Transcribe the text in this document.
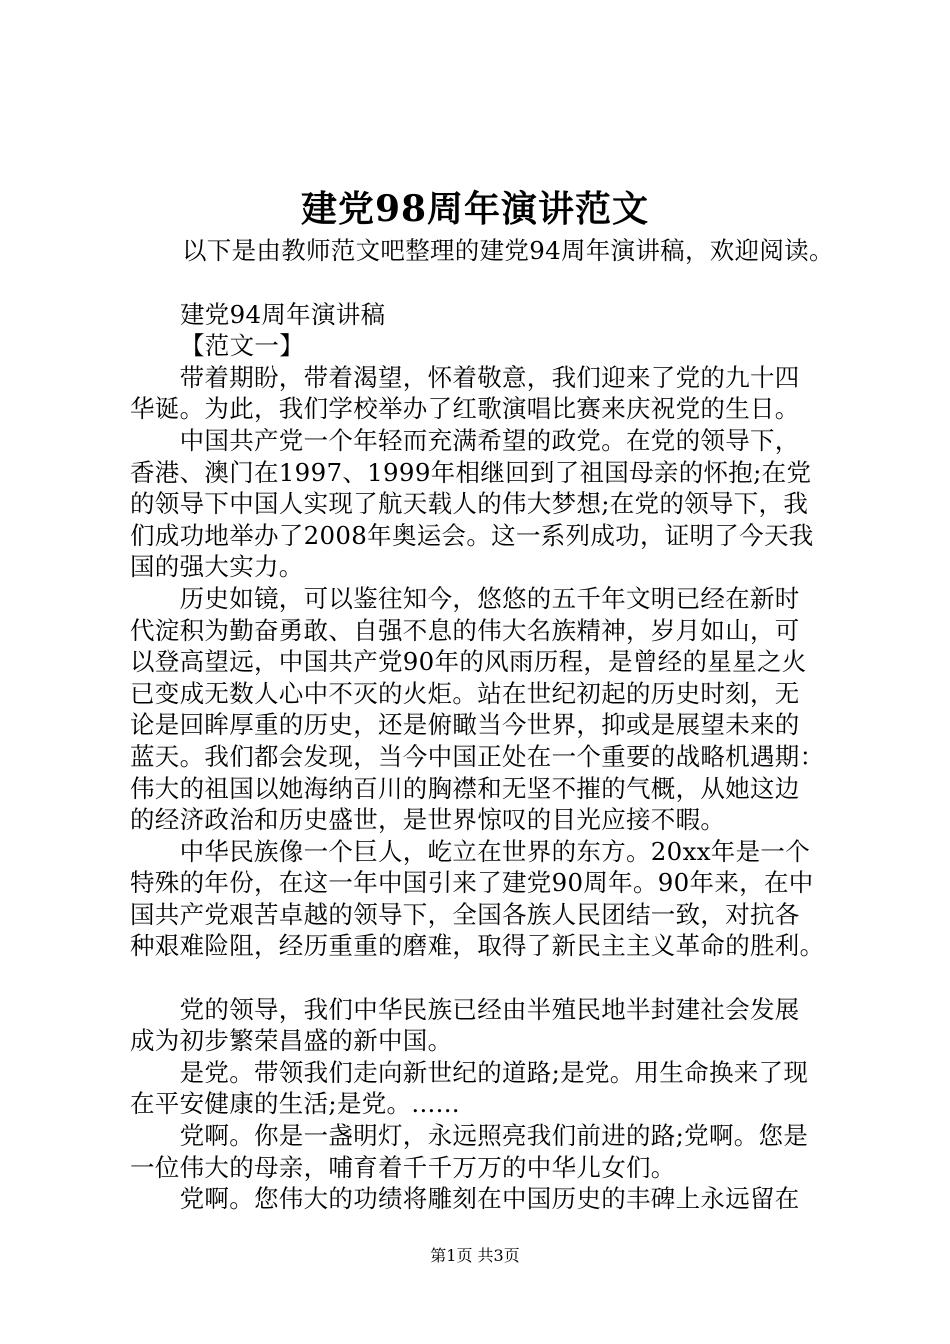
建党98周年演讲范文
以下是由教师范文吧整理的建党94周年演讲稿，欢迎阅读。
建党94周年演讲稿
【范文一】
　　带着期盼，带着渴望，怀着敬意，我们迎来了党的九十四
华诞。为此，我们学校举办了红歌演唱比赛来庆祝党的生日。
　　中国共产党一个年轻而充满希望的政党。在党的领导下，
香港、澳门在1997、1999年相继回到了祖国母亲的怀抱;在党
的领导下中国人实现了航天载人的伟大梦想;在党的领导下，我
们成功地举办了2008年奥运会。这一系列成功，证明了今天我
国的强大实力。
　　历史如镜，可以鉴往知今，悠悠的五千年文明已经在新时
代淀积为勤奋勇敢、自强不息的伟大名族精神，岁月如山，可
以登高望远，中国共产党90年的风雨历程，是曾经的星星之火
已变成无数人心中不灭的火炬。站在世纪初起的历史时刻，无
论是回眸厚重的历史，还是俯瞰当今世界，抑或是展望未来的
蓝天。我们都会发现，当今中国正处在一个重要的战略机遇期：
伟大的祖国以她海纳百川的胸襟和无坚不摧的气概，从她这边
的经济政治和历史盛世，是世界惊叹的目光应接不暇。
　　中华民族像一个巨人，屹立在世界的东方。20xx年是一个
特殊的年份，在这一年中国引来了建党90周年。90年来，在中
国共产党艰苦卓越的领导下，全国各族人民团结一致，对抗各
种艰难险阻，经历重重的磨难，取得了新民主主义革命的胜利。
　　党的领导，我们中华民族已经由半殖民地半封建社会发展
成为初步繁荣昌盛的新中国。
　　是党。带领我们走向新世纪的道路;是党。用生命换来了现
在平安健康的生活;是党。......
　　党啊。你是一盏明灯，永远照亮我们前进的路;党啊。您是
一位伟大的母亲，哺育着千千万万的中华儿女们。
　　党啊。您伟大的功绩将雕刻在中国历史的丰碑上永远留在
第1页 共3页
